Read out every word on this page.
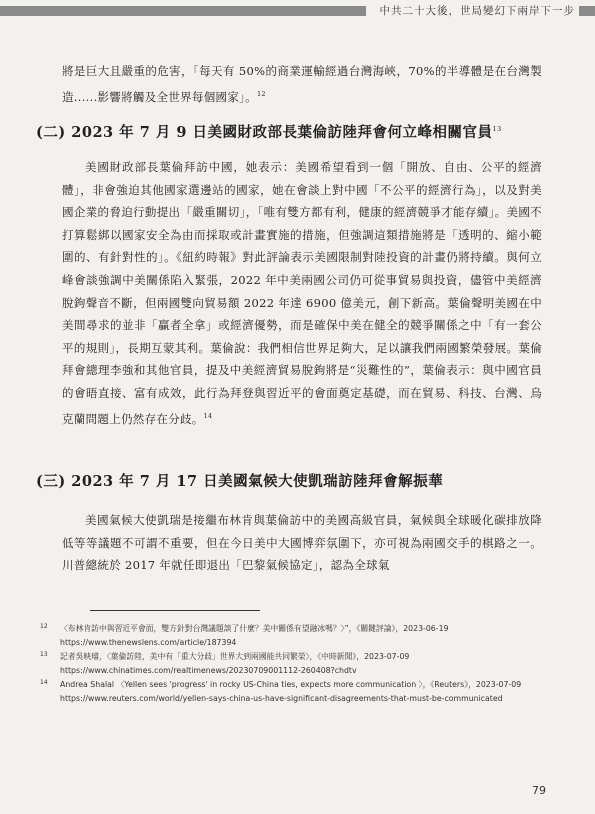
中共二十大後，世局變幻下兩岸下一步

將是巨大且嚴重的危害，「每天有 50%的商業運輸經過台灣海峽，70%的半導體是在台灣製造......影響將觸及全世界每個國家」。$^{12}$

(二) 2023 年 7 月 9 日美國財政部長葉倫訪陸拜會何立峰相關官員$^{13}$

美國財政部長葉倫拜訪中國，她表示：美國希望看到一個「開放、自由、公平的經濟體」，非會強迫其他國家選邊站的國家，她在會談上對中國「不公平的經濟行為」，以及對美國企業的脅迫行動提出「嚴重關切」，「唯有雙方都有利，健康的經濟競爭才能存續」。美國不打算鬆綁以國家安全為由而採取或計畫實施的措施，但強調這類措施將是「透明的、縮小範圍的、有針對性的」。《紐約時報》對此評論表示美國限制對陸投資的計畫仍將持續。與何立峰會談強調中美關係陷入緊張，2022 年中美兩國公司仍可從事貿易與投資，儘管中美經濟脫鉤聲音不斷，但兩國雙向貿易額 2022 年達 6900 億美元，創下新高。葉倫聲明美國在中美間尋求的並非「贏者全拿」或經濟優勢，而是確保中美在健全的競爭關係之中「有一套公平的規則」，長期互蒙其利。葉倫說：我們相信世界足夠大，足以讓我們兩國繁榮發展。葉倫拜會總理李強和其他官員，提及中美經濟貿易脫鉤將是“災難性的”，葉倫表示：與中國官員的會晤直接、富有成效，此行為拜登與習近平的會面奠定基礎，而在貿易、科技、台灣、烏克蘭問題上仍然存在分歧。$^{14}$

(三) 2023 年 7 月 17 日美國氣候大使凱瑞訪陸拜會解振華

美國氣候大使凱瑞是接繼布林肯與葉倫訪中的美國高級官員，氣候與全球暖化碳排放降低等等議題不可謂不重要，但在今日美中大國博弈氛圍下，亦可視為兩國交手的棋路之一。川普總統於 2017 年就任即退出「巴黎氣候協定」，認為全球氣

12 〈布林肯訪中與習近平會面，雙方針對台灣議題談了什麼？美中關係有望融冰嗎？〉”，《關鍵評論》，2023-06-19
https://www.thenewslens.com/article/187394
13 記者吳映璿，〈葉倫訪陸，美中有「重大分歧」世界大到兩國能共同繁榮〉，《中時新聞》，2023-07-09
https://www.chinatimes.com/realtimenews/20230709001112-260408?chdtv
14 Andrea Shalal 〈Yellen sees 'progress' in rocky US-China ties, expects more communication 〉，《Reuters》，2023-07-09
https://www.reuters.com/world/yellen-says-china-us-have-significant-disagreements-that-must-be-communicated
79
